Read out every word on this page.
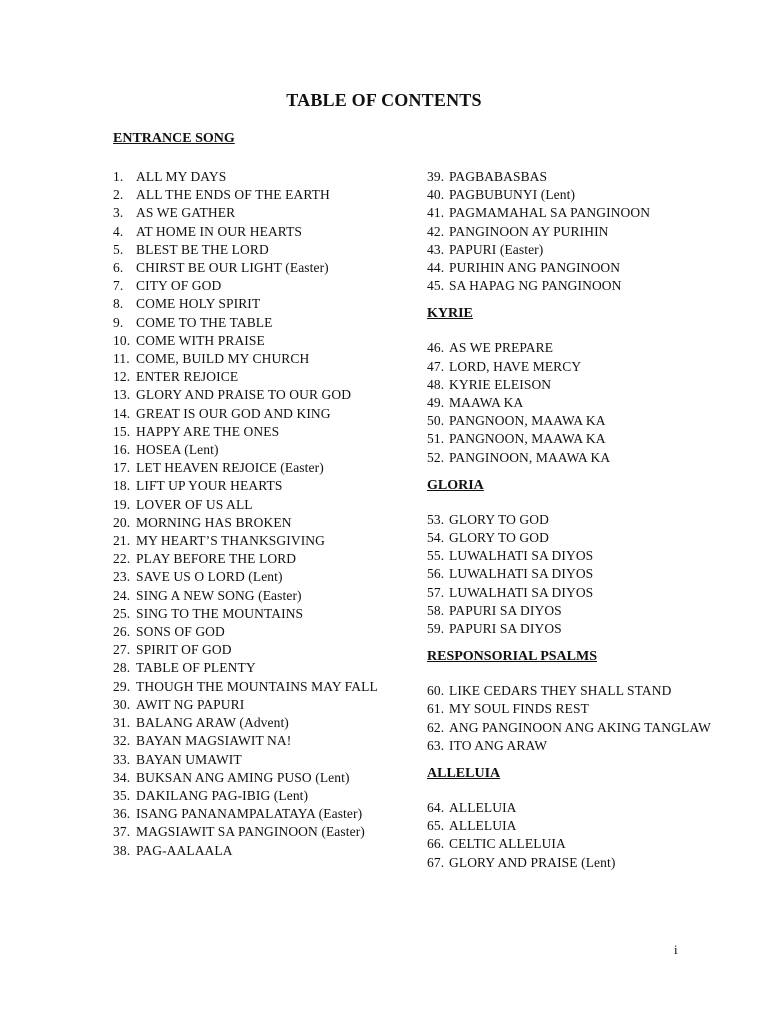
TABLE OF CONTENTS
ENTRANCE SONG
1. ALL MY DAYS
2. ALL THE ENDS OF THE EARTH
3. AS WE GATHER
4. AT HOME IN OUR HEARTS
5. BLEST BE THE LORD
6. CHIRST BE OUR LIGHT (Easter)
7. CITY OF GOD
8. COME HOLY SPIRIT
9. COME TO THE TABLE
10. COME WITH PRAISE
11. COME, BUILD MY CHURCH
12. ENTER REJOICE
13. GLORY AND PRAISE TO OUR GOD
14. GREAT IS OUR GOD AND KING
15. HAPPY ARE THE ONES
16. HOSEA (Lent)
17. LET HEAVEN REJOICE (Easter)
18. LIFT UP YOUR HEARTS
19. LOVER OF US ALL
20. MORNING HAS BROKEN
21. MY HEART’S THANKSGIVING
22. PLAY BEFORE THE LORD
23. SAVE US O LORD (Lent)
24. SING A NEW SONG (Easter)
25. SING TO THE MOUNTAINS
26. SONS OF GOD
27. SPIRIT OF GOD
28. TABLE OF PLENTY
29. THOUGH THE MOUNTAINS MAY FALL
30. AWIT NG PAPURI
31. BALANG ARAW (Advent)
32. BAYAN MAGSIAWIT NA!
33. BAYAN UMAWIT
34. BUKSAN ANG AMING PUSO (Lent)
35. DAKILANG PAG-IBIG (Lent)
36. ISANG PANANAMPALATAYA (Easter)
37. MAGSIAWIT SA PANGINOON (Easter)
38. PAG-AALAALA
39. PAGBABASBAS
40. PAGBUBUNYI (Lent)
41. PAGMAMAHAL SA PANGINOON
42. PANGINOON AY PURIHIN
43. PAPURI (Easter)
44. PURIHIN ANG PANGINOON
45. SA HAPAG NG PANGINOON
KYRIE
46. AS WE PREPARE
47. LORD, HAVE MERCY
48. KYRIE ELEISON
49. MAAWA KA
50. PANGNOON, MAAWA KA
51. PANGNOON, MAAWA KA
52. PANGINOON, MAAWA KA
GLORIA
53. GLORY TO GOD
54. GLORY TO GOD
55. LUWALHATI SA DIYOS
56. LUWALHATI SA DIYOS
57. LUWALHATI SA DIYOS
58. PAPURI SA DIYOS
59. PAPURI SA DIYOS
RESPONSORIAL PSALMS
60. LIKE CEDARS THEY SHALL STAND
61. MY SOUL FINDS REST
62. ANG PANGINOON ANG AKING TANGLAW
63. ITO ANG ARAW
ALLELUIA
64. ALLELUIA
65. ALLELUIA
66. CELTIC ALLELUIA
67. GLORY AND PRAISE (Lent)
i
